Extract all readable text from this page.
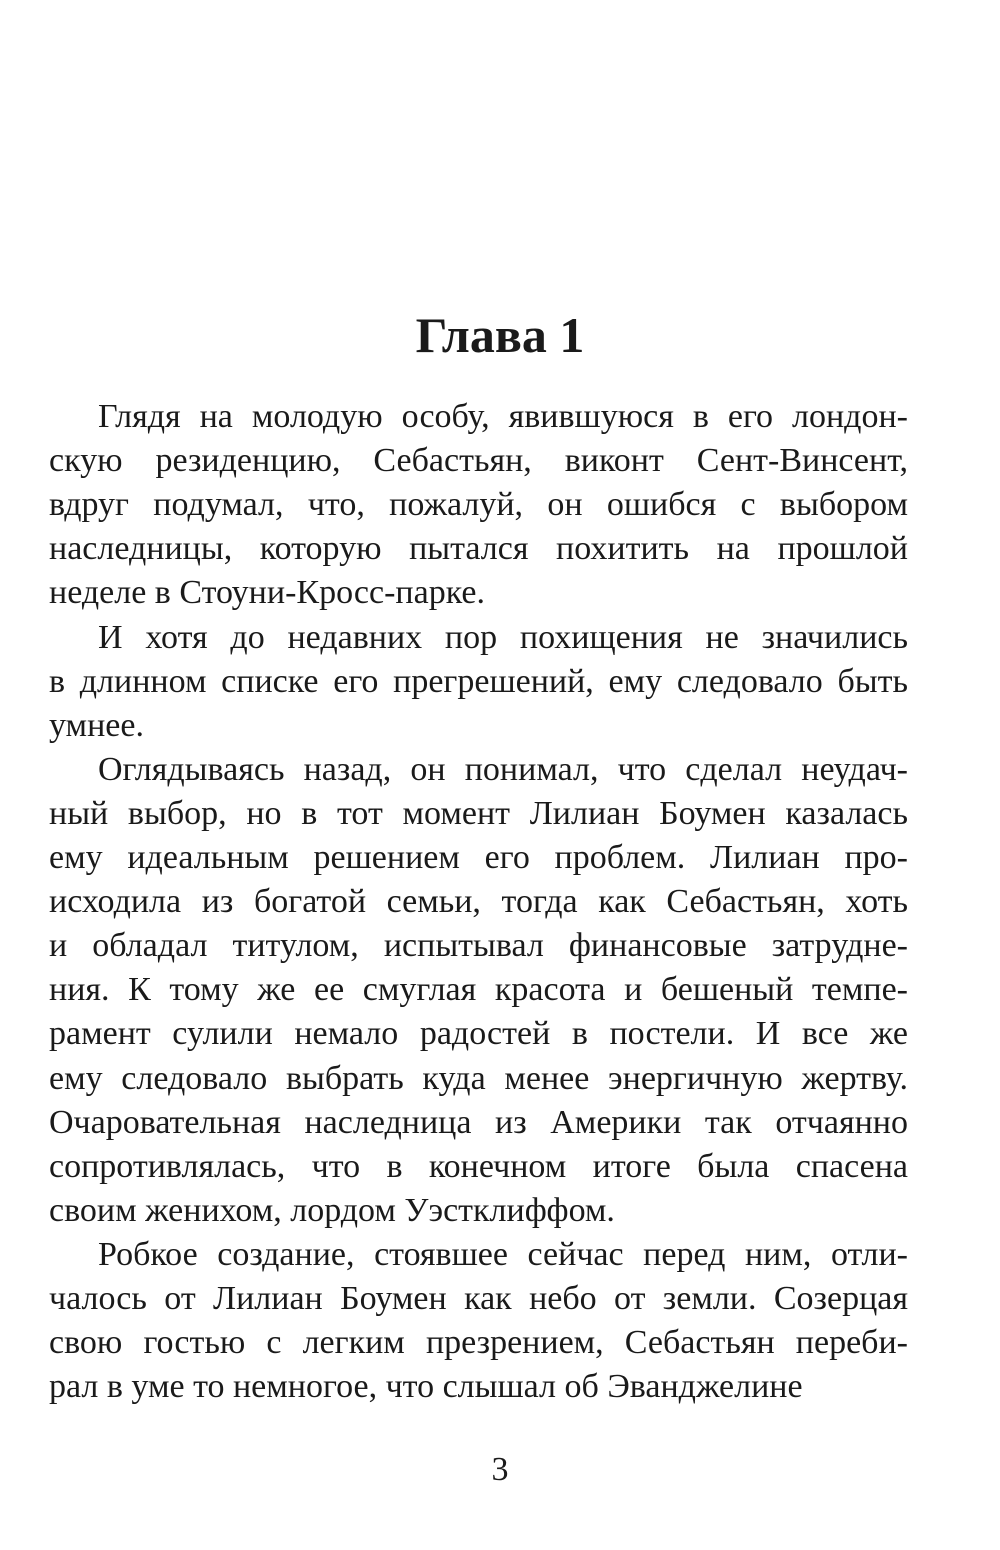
Глава 1
Глядя на молодую особу, явившуюся в его лондон-
скую резиденцию, Себастьян, виконт Сент-Винсент,
вдруг подумал, что, пожалуй, он ошибся с выбором
наследницы, которую пытался похитить на прошлой
неделе в Стоуни-Кросс-парке.
И хотя до недавних пор похищения не значились
в длинном списке его прегрешений, ему следовало быть
умнее.
Оглядываясь назад, он понимал, что сделал неудач-
ный выбор, но в тот момент Лилиан Боумен казалась
ему идеальным решением его проблем. Лилиан про-
исходила из богатой семьи, тогда как Себастьян, хоть
и обладал титулом, испытывал финансовые затрудне-
ния. К тому же ее смуглая красота и бешеный темпе-
рамент сулили немало радостей в постели. И все же
ему следовало выбрать куда менее энергичную жертву.
Очаровательная наследница из Америки так отчаянно
сопротивлялась, что в конечном итоге была спасена
своим женихом, лордом Уэстклиффом.
Робкое создание, стоявшее сейчас перед ним, отли-
чалось от Лилиан Боумен как небо от земли. Созерцая
свою гостью с легким презрением, Себастьян переби-
рал в уме то немногое, что слышал об Эванджелине
3
